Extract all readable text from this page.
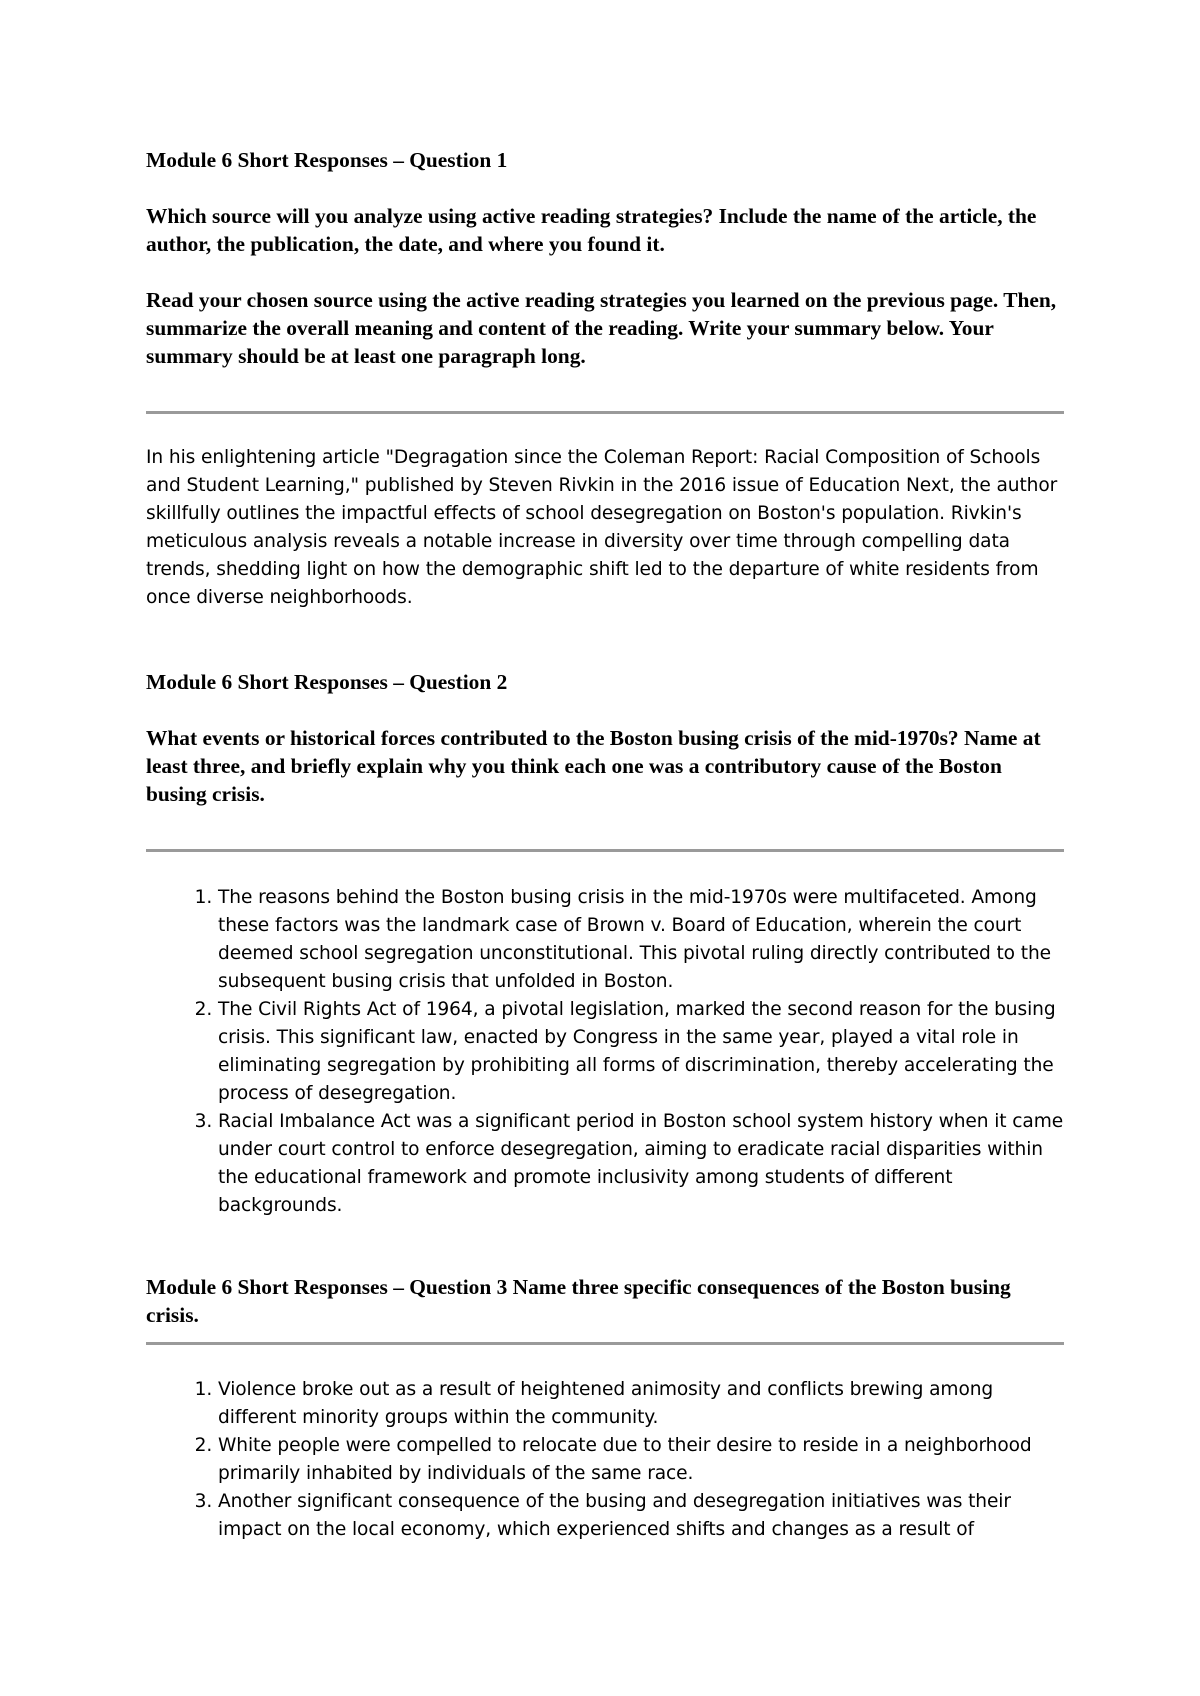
Module 6 Short Responses – Question 1

Which source will you analyze using active reading strategies? Include the name of the article, the author, the publication, the date, and where you found it.

Read your chosen source using the active reading strategies you learned on the previous page. Then, summarize the overall meaning and content of the reading. Write your summary below. Your summary should be at least one paragraph long.

In his enlightening article "Degragation since the Coleman Report: Racial Composition of Schools and Student Learning," published by Steven Rivkin in the 2016 issue of Education Next, the author skillfully outlines the impactful effects of school desegregation on Boston's population. Rivkin's meticulous analysis reveals a notable increase in diversity over time through compelling data trends, shedding light on how the demographic shift led to the departure of white residents from once diverse neighborhoods.

Module 6 Short Responses – Question 2

What events or historical forces contributed to the Boston busing crisis of the mid-1970s? Name at least three, and briefly explain why you think each one was a contributory cause of the Boston busing crisis.

1. The reasons behind the Boston busing crisis in the mid-1970s were multifaceted. Among these factors was the landmark case of Brown v. Board of Education, wherein the court deemed school segregation unconstitutional. This pivotal ruling directly contributed to the subsequent busing crisis that unfolded in Boston.
2. The Civil Rights Act of 1964, a pivotal legislation, marked the second reason for the busing crisis. This significant law, enacted by Congress in the same year, played a vital role in eliminating segregation by prohibiting all forms of discrimination, thereby accelerating the process of desegregation.
3. Racial Imbalance Act was a significant period in Boston school system history when it came under court control to enforce desegregation, aiming to eradicate racial disparities within the educational framework and promote inclusivity among students of different backgrounds.
Module 6 Short Responses – Question 3 Name three specific consequences of the Boston busing crisis.
1. Violence broke out as a result of heightened animosity and conflicts brewing among different minority groups within the community.
2. White people were compelled to relocate due to their desire to reside in a neighborhood primarily inhabited by individuals of the same race.
3. Another significant consequence of the busing and desegregation initiatives was their impact on the local economy, which experienced shifts and changes as a result of
